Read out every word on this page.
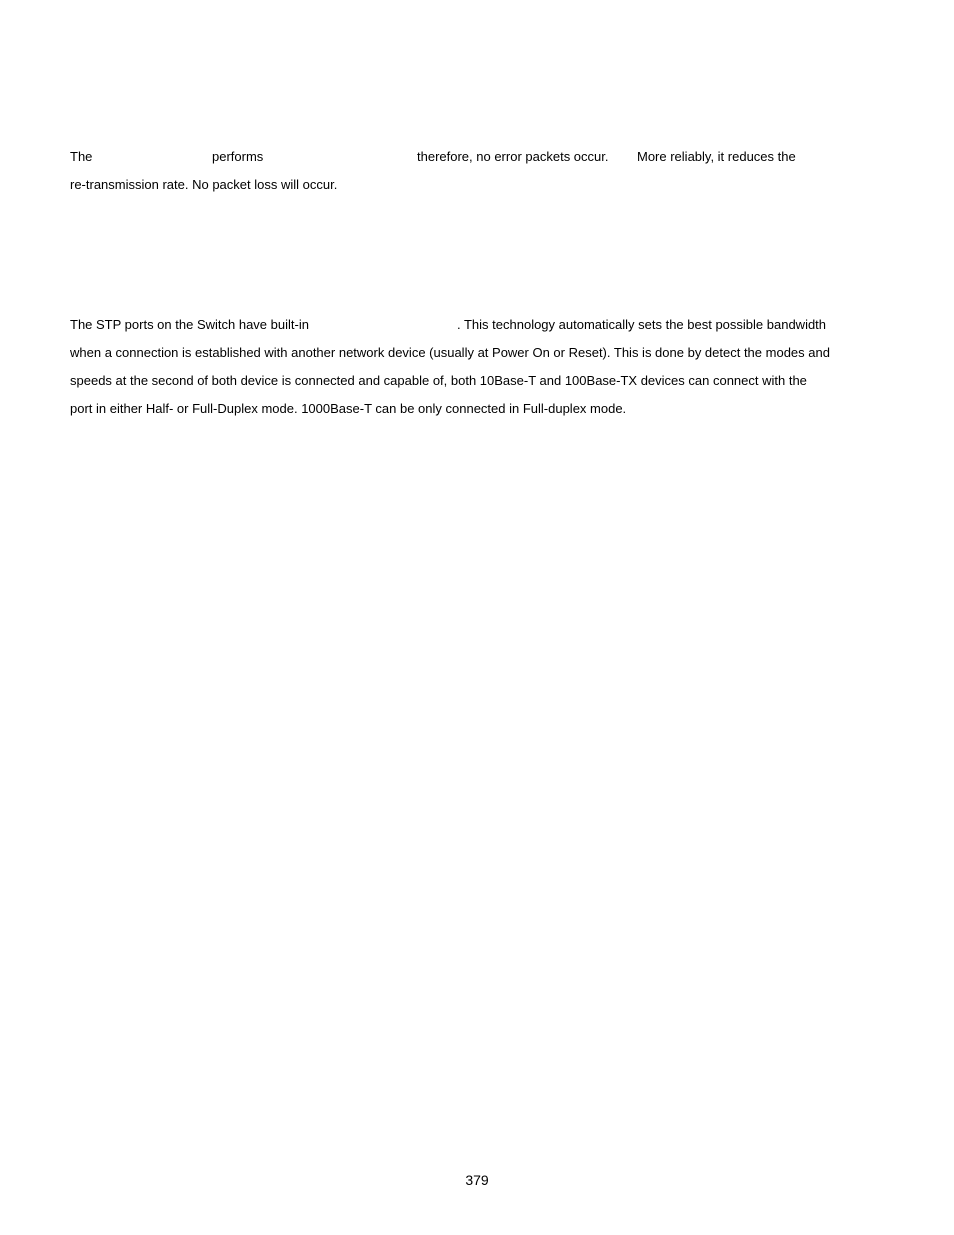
The	performs	therefore, no error packets occur. More reliably, it reduces the
re-transmission rate. No packet loss will occur.
The STP ports on the Switch have built-in	. This technology automatically sets the best possible bandwidth
when a connection is established with another network device (usually at Power On or Reset). This is done by detect the modes and
speeds at the second of both device is connected and capable of, both 10Base-T and 100Base-TX devices can connect with the
port in either Half- or Full-Duplex mode. 1000Base-T can be only connected in Full-duplex mode.
379
